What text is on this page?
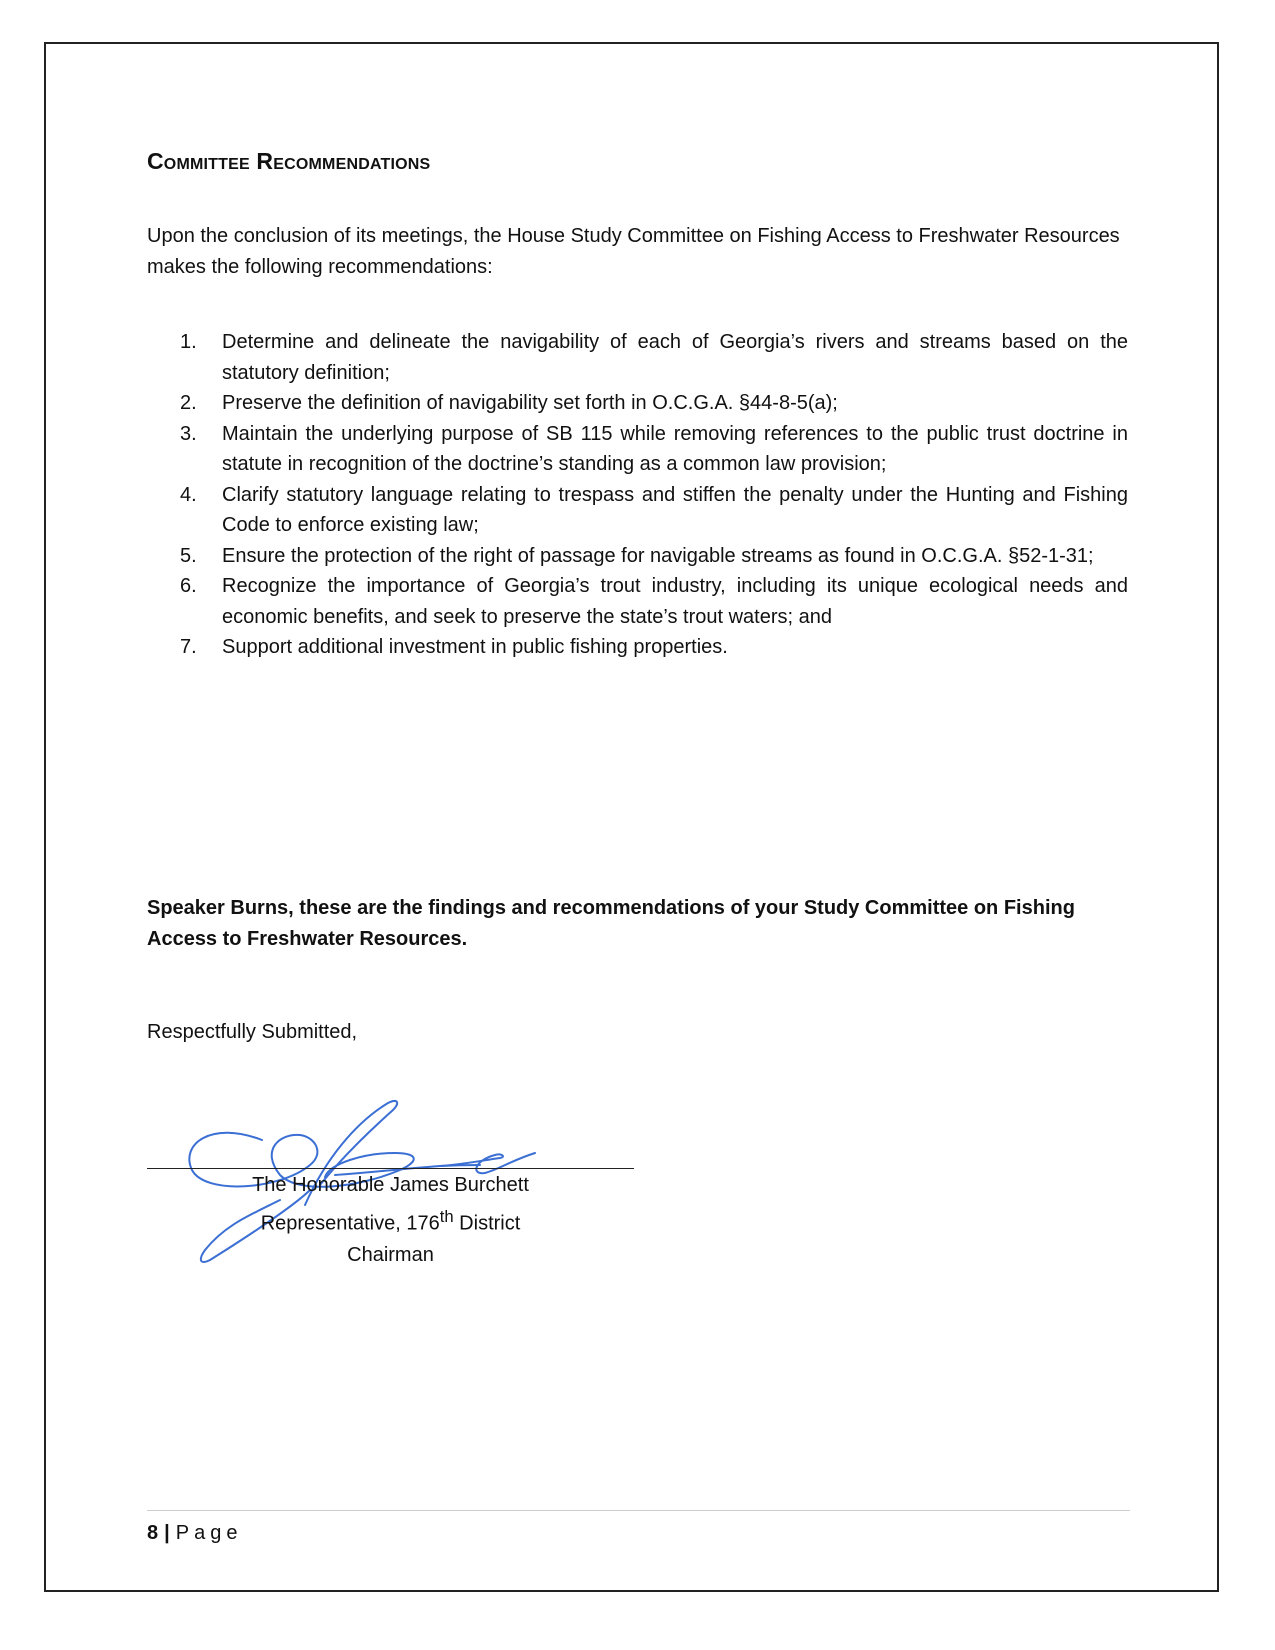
Committee Recommendations

Upon the conclusion of its meetings, the House Study Committee on Fishing Access to Freshwater Resources makes the following recommendations:

1.	Determine and delineate the navigability of each of Georgia’s rivers and streams based on the statutory definition;
2.	Preserve the definition of navigability set forth in O.C.G.A. §44-8-5(a);
3.	Maintain the underlying purpose of SB 115 while removing references to the public trust doctrine in statute in recognition of the doctrine’s standing as a common law provision;
4.	Clarify statutory language relating to trespass and stiffen the penalty under the Hunting and Fishing Code to enforce existing law;
5.	Ensure the protection of the right of passage for navigable streams as found in O.C.G.A. §52-1-31;
6.	Recognize the importance of Georgia’s trout industry, including its unique ecological needs and economic benefits, and seek to preserve the state’s trout waters; and
7.	Support additional investment in public fishing properties.

Speaker Burns, these are the findings and recommendations of your Study Committee on Fishing Access to Freshwater Resources.

Respectfully Submitted,

The Honorable James Burchett
Representative, 176th District
Chairman
8 | Page
